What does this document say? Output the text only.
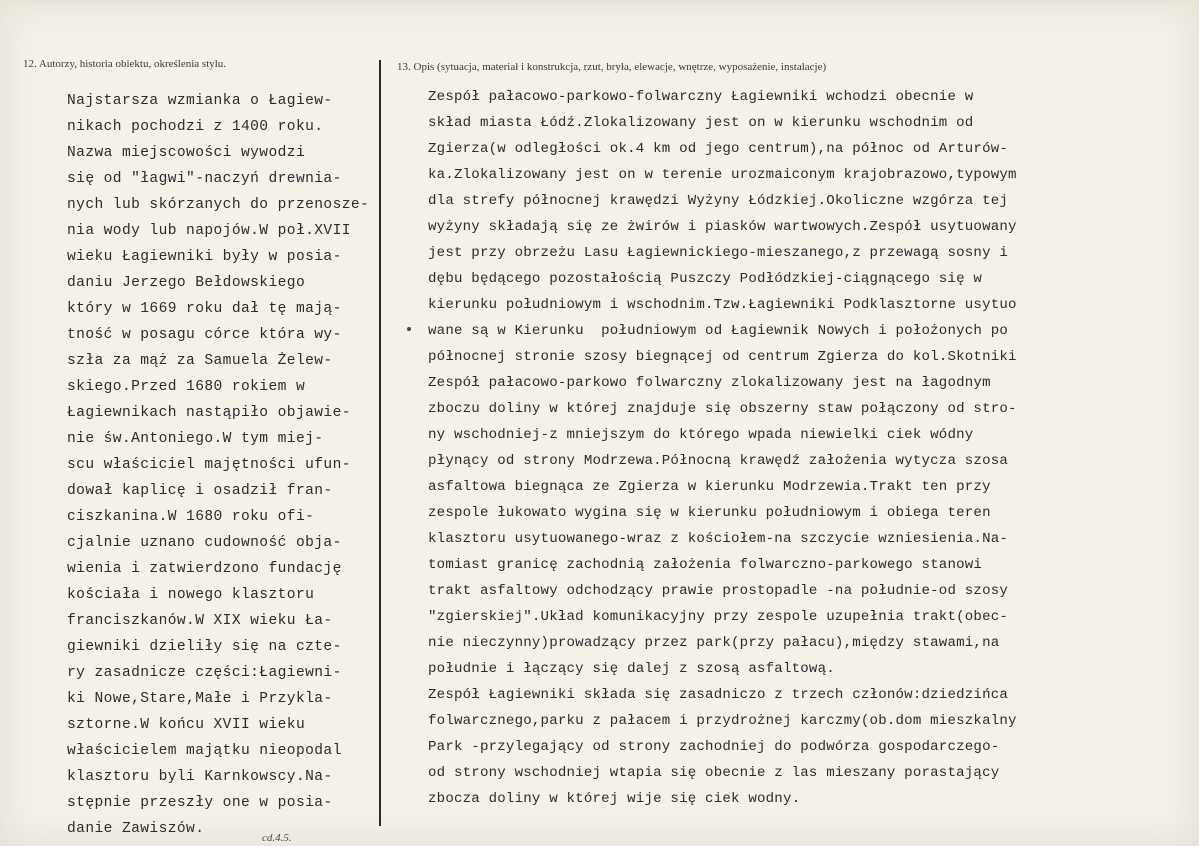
12. Autorzy, historia obiektu, określenia stylu.	13. Opis (sytuacja, materiał i konstrukcja, rzut, bryła, elewacje, wnętrze, wyposażenie, instalacje)
Najstarsza wzmianka o Łagiew-
nikach pochodzi z 1400 roku.
Nazwa miejscowości wywodzi
się od "łagwi"-naczyń drewnia-
nych lub skórzanych do przenosze-
nia wody lub napojów.W poł.XVII
wieku Łagiewniki były w posia-
daniu Jerzego Bełdowskiego
który w 1669 roku dał tę mają-
tność w posagu córce która wy-
szła za mąż za Samuela Żelew-
skiego.Przed 1680 rokiem w
Łagiewnikach nastąpiło objawie-
nie św.Antoniego.W tym miej-
scu właściciel majętności ufun-
dował kaplicę i osadził fran-
ciszkanina.W 1680 roku ofi-
cjalnie uznano cudowność obja-
wienia i zatwierdzono fundację
kościała i nowego klasztoru
franciszkanów.W XIX wieku Ła-
giewniki dzieliły się na czte-
ry zasadnicze części:Łagiewni-
ki Nowe,Stare,Małe i Przykla-
sztorne.W końcu XVII wieku
właścicielem majątku nieopodal
klasztoru byli Karnkowscy.Na-
stępnie przeszły one w posia-
danie Zawiszów.
Zespół pałacowo-parkowo-folwarczny Łagiewniki wchodzi obecnie w
skład miasta Łódź.Zlokalizowany jest on w kierunku wschodnim od
Zgierza(w odległości ok.4 km od jego centrum),na północ od Arturów-
ka.Zlokalizowany jest on w terenie urozmaiconym krajobrazowo,typowym
dla strefy północnej krawędzi Wyżyny Łódzkiej.Okoliczne wzgórza tej
wyżyny składają się ze żwirów i piasków wartwowych.Zespół usytuowany
jest przy obrzeżu Lasu Łagiewnickiego-mieszanego,z przewagą sosny i
dębu będącego pozostałością Puszczy Podłódzkiej-ciągnącego się w
kierunku południowym i wschodnim.Tzw.Łagiewniki Podklasztorne usytuo
wane są w Kierunku  południowym od Łagiewnik Nowych i położonych po
północnej stronie szosy biegnącej od centrum Zgierza do kol.Skotniki
Zespół pałacowo-parkowo folwarczny zlokalizowany jest na łagodnym
zboczu doliny w której znajduje się obszerny staw połączony od stro-
ny wschodniej-z mniejszym do którego wpada niewielki ciek wódny
płynący od strony Modrzewa.Północną krawędź założenia wytycza szosa
asfaltowa biegnąca ze Zgierza w kierunku Modrzewia.Trakt ten przy
zespole łukowato wygina się w kierunku południowym i obiega teren
klasztoru usytuowanego-wraz z kościołem-na szczycie wzniesienia.Na-
tomiast granicę zachodnią założenia folwarczno-parkowego stanowi
trakt asfaltowy odchodzący prawie prostopadle -na południe-od szosy
"zgierskiej".Układ komunikacyjny przy zespole uzupełnia trakt(obec-
nie nieczynny)prowadzący przez park(przy pałacu),między stawami,na
południe i łączący się dalej z szosą asfaltową.
Zespół Łagiewniki składa się zasadniczo z trzech członów:dziedzińca
folwarcznego,parku z pałacem i przydrożnej karczmy(ob.dom mieszkalny
Park -przylegający od strony zachodniej do podwórza gospodarczego-
od strony wschodniej wtapia się obecnie z las mieszany porastający
zbocza doliny w której wije się ciek wodny.
cd.4.5.
